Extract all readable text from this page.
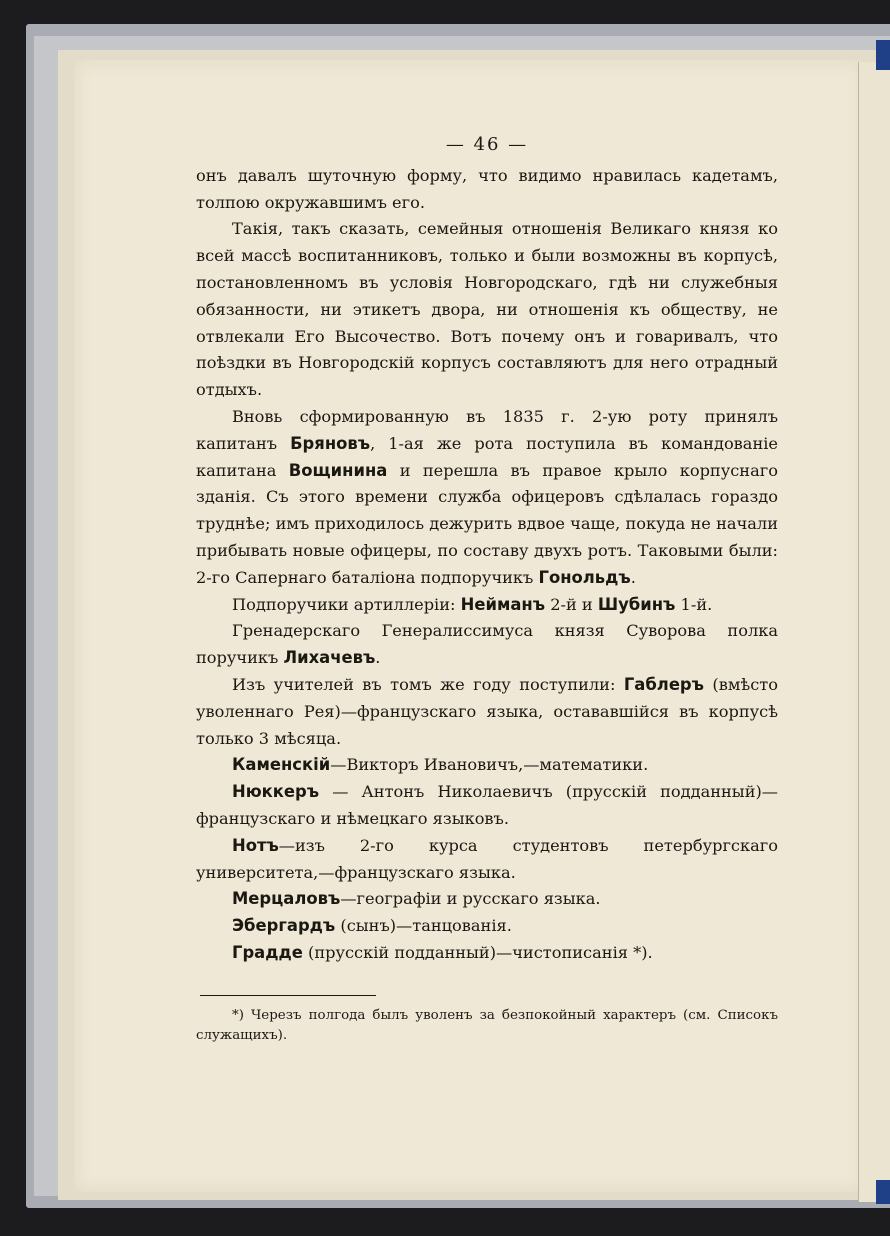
— 46 —

онъ давалъ шуточную форму, что видимо нравилась кадетамъ, толпою окружавшимъ его.

Такія, такъ сказать, семейныя отношенія Великаго князя ко всей массѣ воспитанниковъ, только и были возможны въ корпусѣ, постановленномъ въ условія Новгородскаго, гдѣ ни служебныя обязанности, ни этикетъ двора, ни отношенія къ обществу, не отвлекали Его Высочество. Вотъ почему онъ и говаривалъ, что поѣздки въ Новгородскій корпусъ составляютъ для него отрадный отдыхъ.

Вновь сформированную въ 1835 г. 2-ую роту принялъ капитанъ Бряновъ, 1-ая же рота поступила въ командованіе капитана Вощинина и перешла въ правое крыло корпуснаго зданія. Съ этого времени служба офицеровъ сдѣлалась гораздо труднѣе; имъ приходилось дежурить вдвое чаще, покуда не начали прибывать новые офицеры, по составу двухъ ротъ. Таковыми были: 2-го Сапернаго баталіона подпоручикъ Гонольдъ.

Подпоручики артиллеріи: Нейманъ 2-й и Шубинъ 1-й.

Гренадерскаго Генералиссимуса князя Суворова полка поручикъ Лихачевъ.

Изъ учителей въ томъ же году поступили: Габлеръ (вмѣсто уволеннаго Рея)—французскаго языка, остававшійся въ корпусѣ только 3 мѣсяца.

Каменскій—Викторъ Ивановичъ,—математики.

Нюккеръ — Антонъ Николаевичъ (прусскій подданный)—французскаго и нѣмецкаго языковъ.

Нотъ—изъ 2-го курса студентовъ петербургскаго университета,—французскаго языка.

Мерцаловъ—географіи и русскаго языка.

Эбергардъ (сынъ)—танцованія.

Градде (прусскій подданный)—чистописанія *).

*) Черезъ полгода былъ уволенъ за безпокойный характеръ (см. Списокъ служащихъ).
